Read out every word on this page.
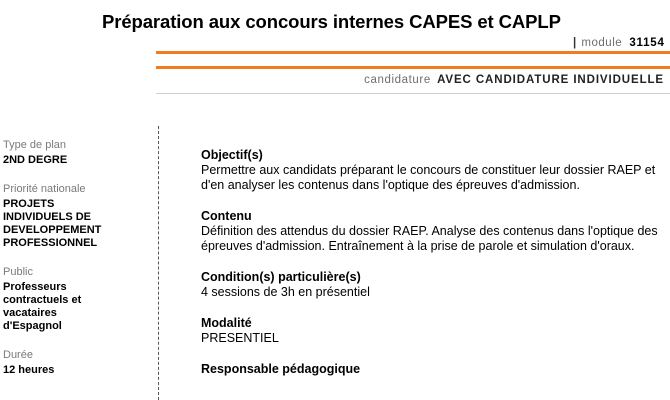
Préparation aux concours internes CAPES et CAPLP
| module 31154
candidature AVEC CANDIDATURE INDIVIDUELLE
Type de plan
2ND DEGRE
Priorité nationale
PROJETS
INDIVIDUELS DE
DEVELOPPEMENT
PROFESSIONNEL
Public
Professeurs
contractuels et
vacataires
d'Espagnol
Durée
12 heures
Objectif(s)
Permettre aux candidats préparant le concours de constituer leur dossier RAEP et
d'en analyser les contenus dans l'optique des épreuves d'admission.
Contenu
Définition des attendus du dossier RAEP. Analyse des contenus dans l'optique des
épreuves d'admission. Entraînement à la prise de parole et simulation d'oraux.
Condition(s) particulière(s)
4 sessions de 3h en présentiel
Modalité
PRESENTIEL
Responsable pédagogique
